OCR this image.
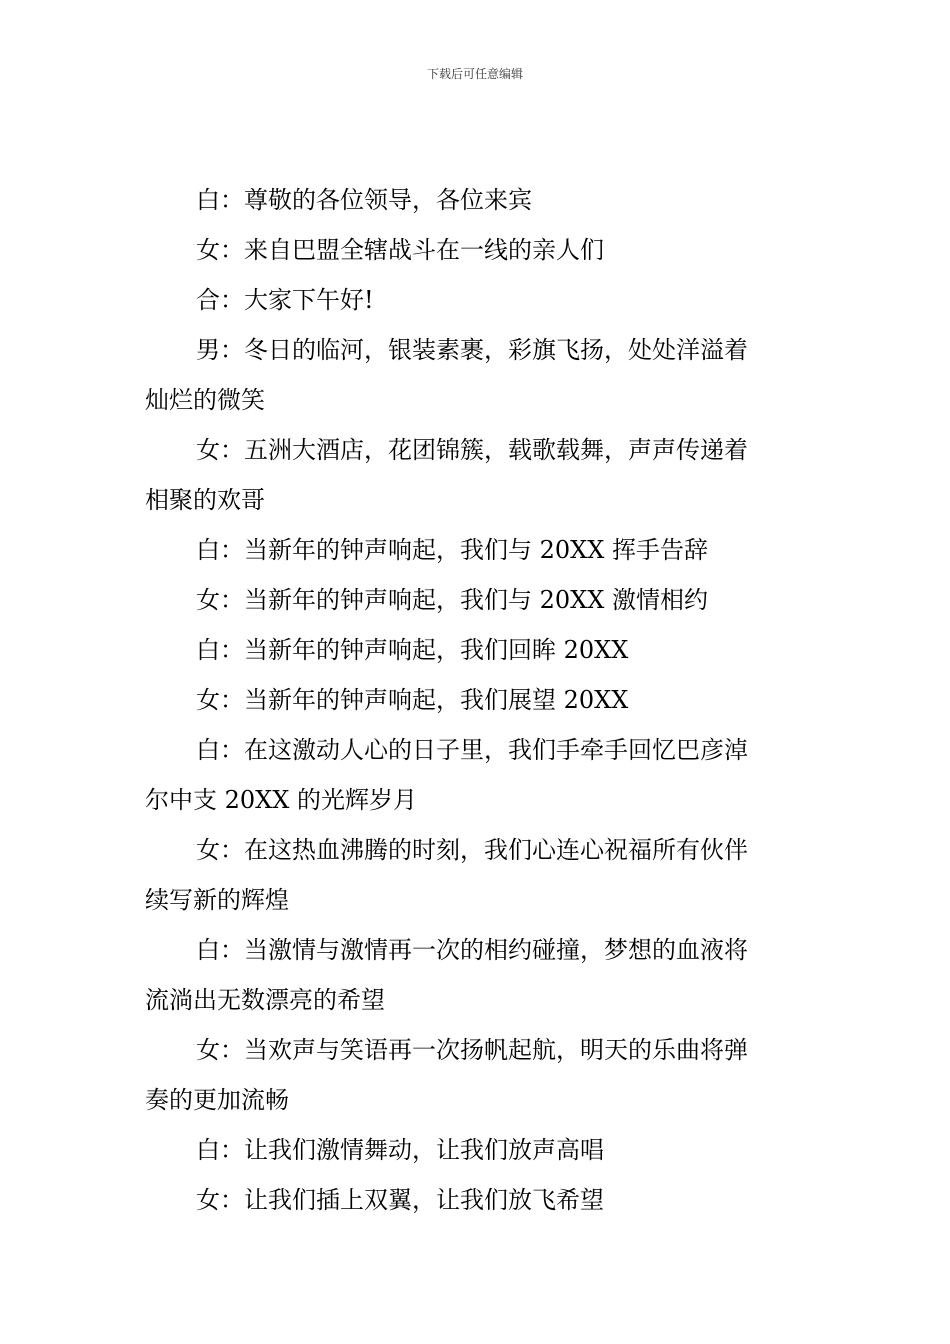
下载后可任意编辑

白：尊敬的各位领导，各位来宾

女：来自巴盟全辖战斗在一线的亲人们

合：大家下午好!

男：冬日的临河，银装素裹，彩旗飞扬，处处洋溢着
灿烂的微笑

女：五洲大酒店，花团锦簇，载歌载舞，声声传递着
相聚的欢哥

白：当新年的钟声响起，我们与 20XX 挥手告辞

女：当新年的钟声响起，我们与 20XX 激情相约

白：当新年的钟声响起，我们回眸 20XX

女：当新年的钟声响起，我们展望 20XX

白：在这激动人心的日子里，我们手牵手回忆巴彦淖
尔中支 20XX 的光辉岁月

女：在这热血沸腾的时刻，我们心连心祝福所有伙伴
续写新的辉煌

白：当激情与激情再一次的相约碰撞，梦想的血液将
流淌出无数漂亮的希望

女：当欢声与笑语再一次扬帆起航，明天的乐曲将弹
奏的更加流畅

白：让我们激情舞动，让我们放声高唱

女：让我们插上双翼，让我们放飞希望
